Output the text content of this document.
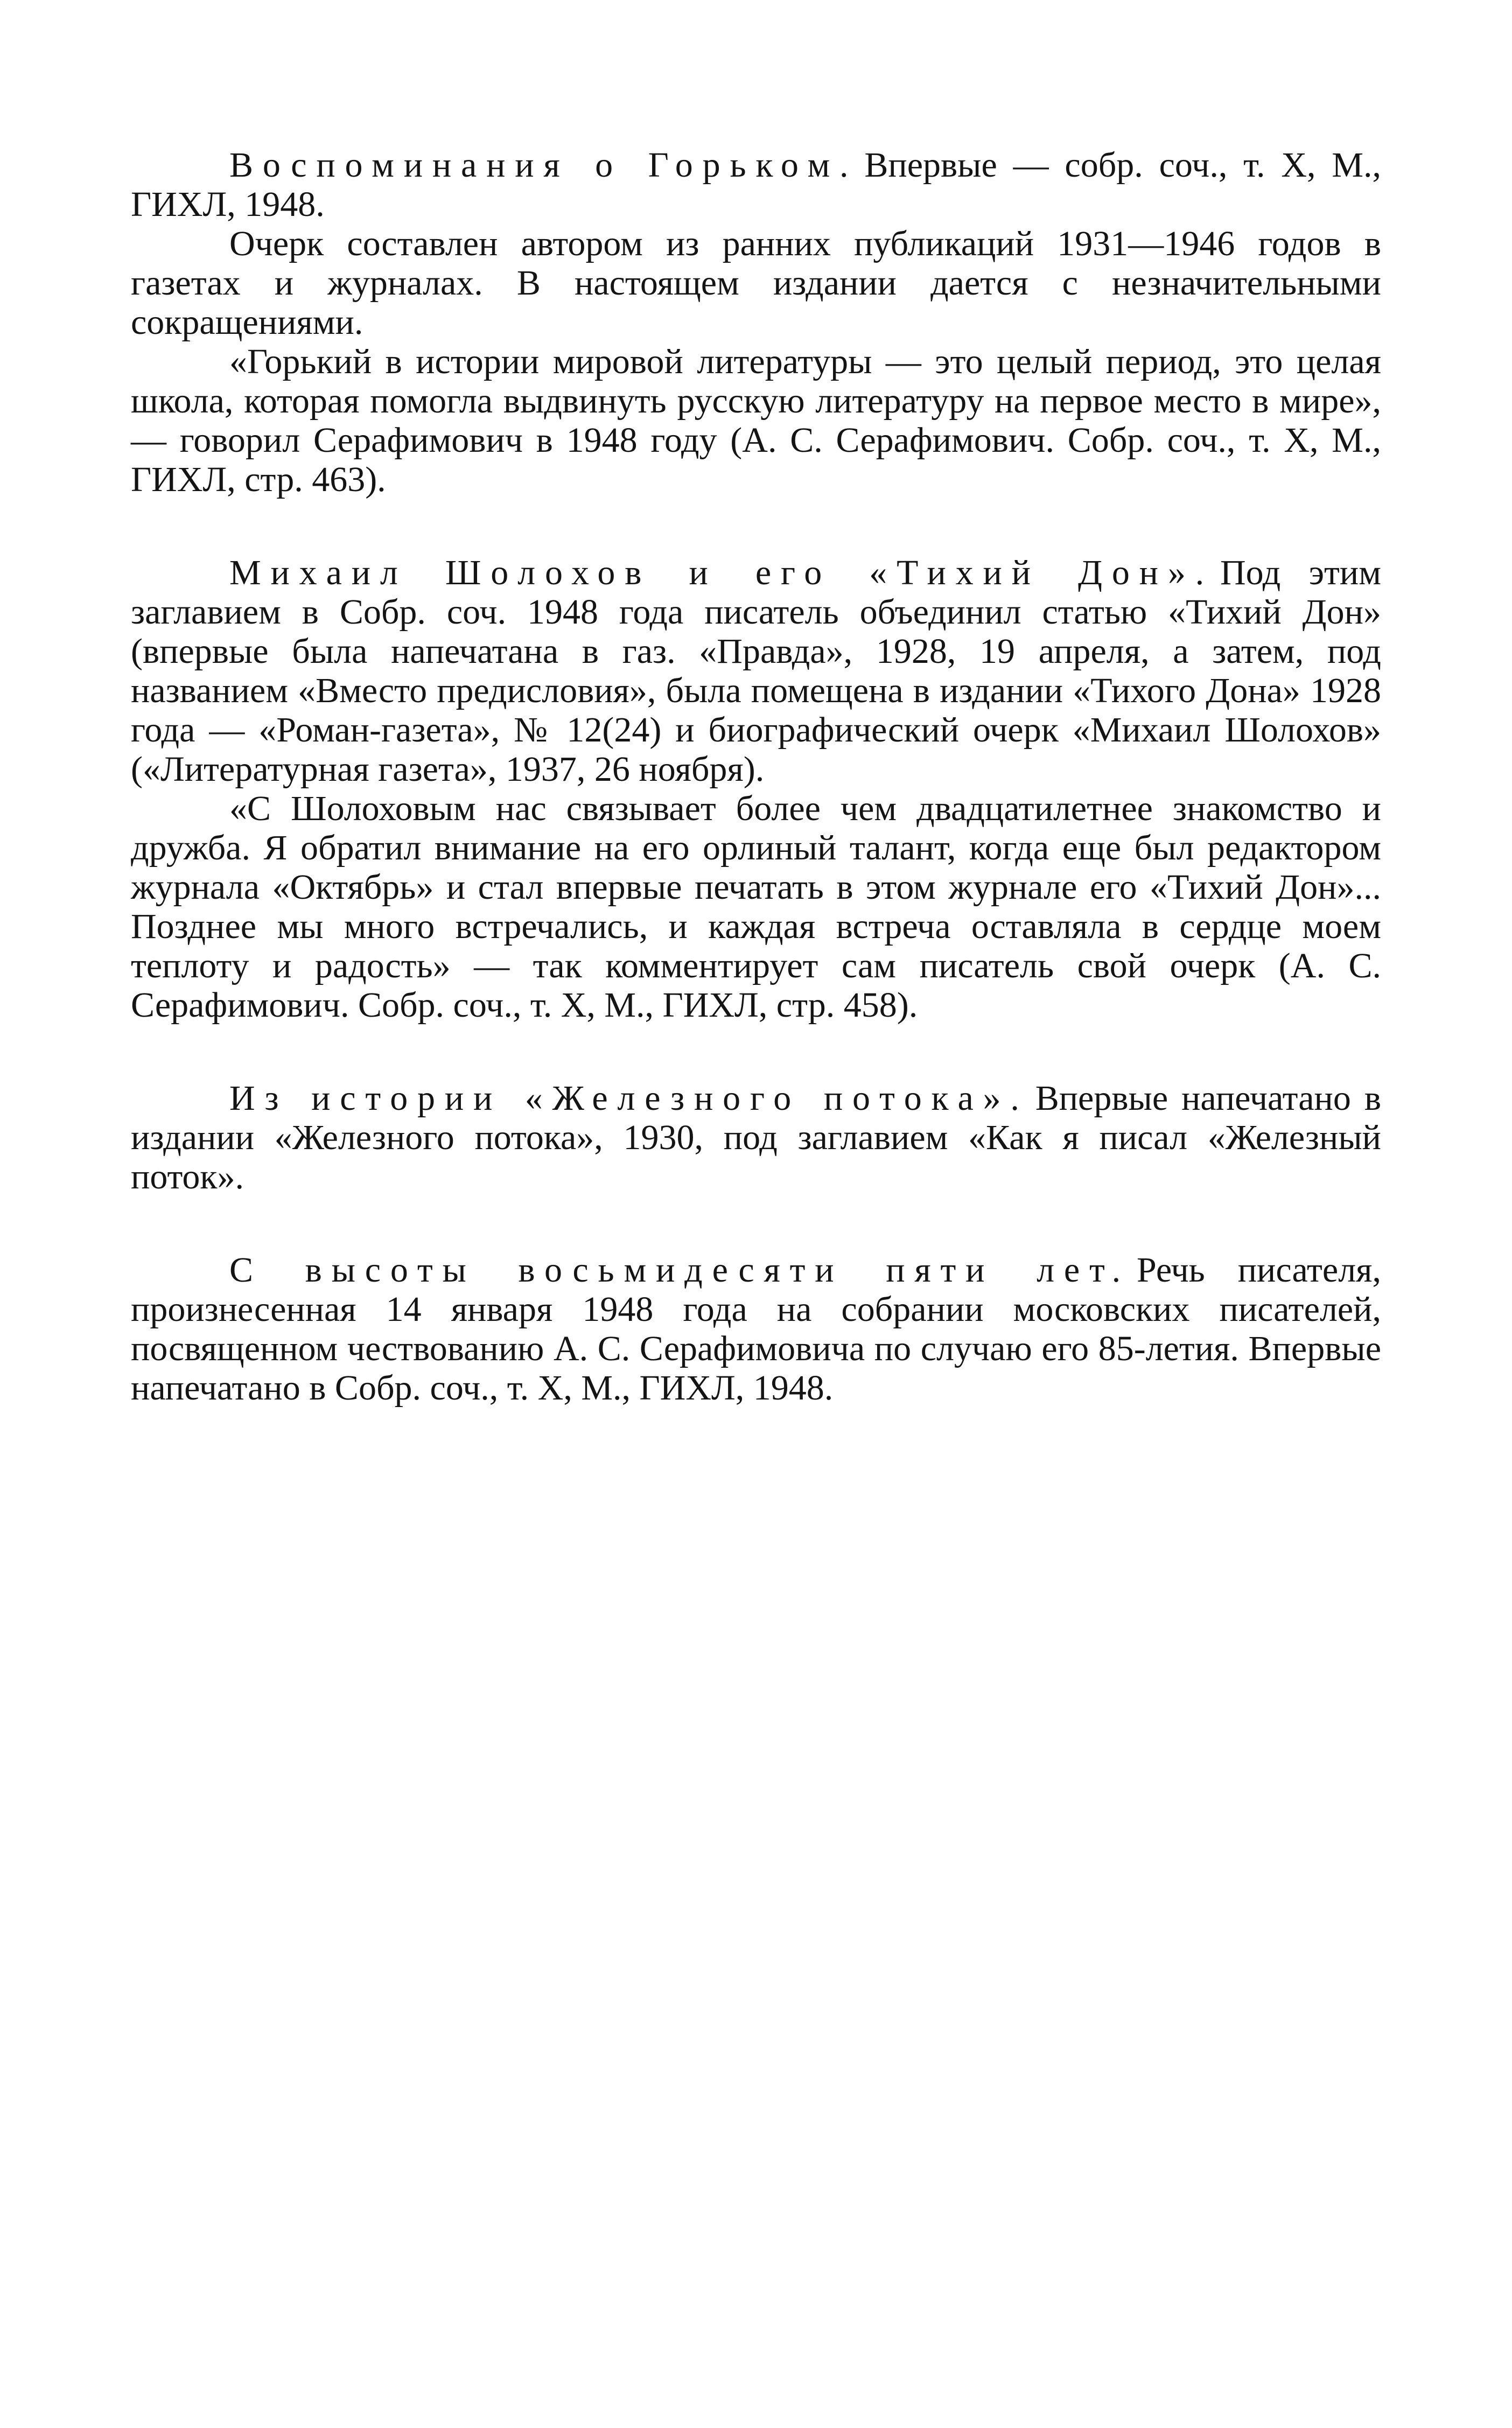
Воспоминания о Горьком. Впервые — собр. соч., т. X, М., ГИХЛ, 1948.

Очерк составлен автором из ранних публикаций 1931—1946 годов в газетах и журналах. В настоящем издании дается с незначительными сокращениями.

«Горький в истории мировой литературы — это целый период, это целая школа, которая помогла выдвинуть русскую литературу на первое место в мире», — говорил Серафимович в 1948 году (А. С. Серафимович. Собр. соч., т. X, М., ГИХЛ, стр. 463).

Михаил Шолохов и его «Тихий Дон». Под этим заглавием в Собр. соч. 1948 года писатель объединил статью «Тихий Дон» (впервые была напечатана в газ. «Правда», 1928, 19 апреля, а затем, под названием «Вместо предисловия», была помещена в издании «Тихого Дона» 1928 года — «Роман-газета», № 12(24) и биографический очерк «Михаил Шолохов» («Литературная газета», 1937, 26 ноября).

«С Шолоховым нас связывает более чем двадцатилетнее знакомство и дружба. Я обратил внимание на его орлиный талант, когда еще был редактором журнала «Октябрь» и стал впервые печатать в этом журнале его «Тихий Дон»... Позднее мы много встречались, и каждая встреча оставляла в сердце моем теплоту и радость» — так комментирует сам писатель свой очерк (А. С. Серафимович. Собр. соч., т. X, М., ГИХЛ, стр. 458).

Из истории «Железного потока». Впервые напечатано в издании «Железного потока», 1930, под заглавием «Как я писал «Железный поток».

С высоты восьмидесяти пяти лет. Речь писателя, произнесенная 14 января 1948 года на собрании московских писателей, посвященном чествованию А. С. Серафимовича по случаю его 85-летия. Впервые напечатано в Собр. соч., т. X, М., ГИХЛ, 1948.
